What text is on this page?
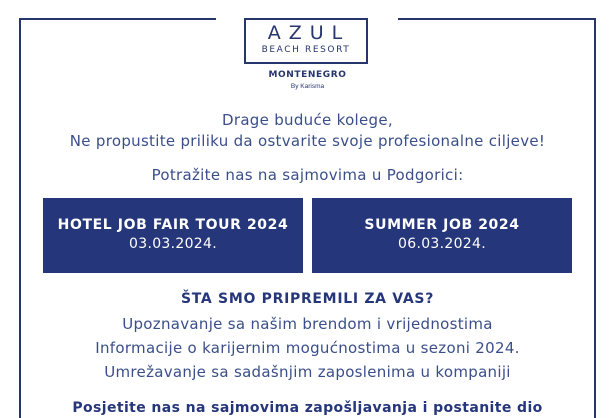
AZUL
BEACH RESORT
MONTENEGRO
By Karisma
Drage buduće kolege,
Ne propustite priliku da ostvarite svoje profesionalne ciljeve!
Potražite nas na sajmovima u Podgorici:
HOTEL JOB FAIR TOUR 2024
03.03.2024.
SUMMER JOB 2024
06.03.2024.
ŠTA SMO PRIPREMILI ZA VAS?
Upoznavanje sa našim brendom i vrijednostima
Informacije o karijernim mogućnostima u sezoni 2024.
Umrežavanje sa sadašnjim zaposlenima u kompaniji
Posjetite nas na sajmovima zapošljavanja i postanite dio
